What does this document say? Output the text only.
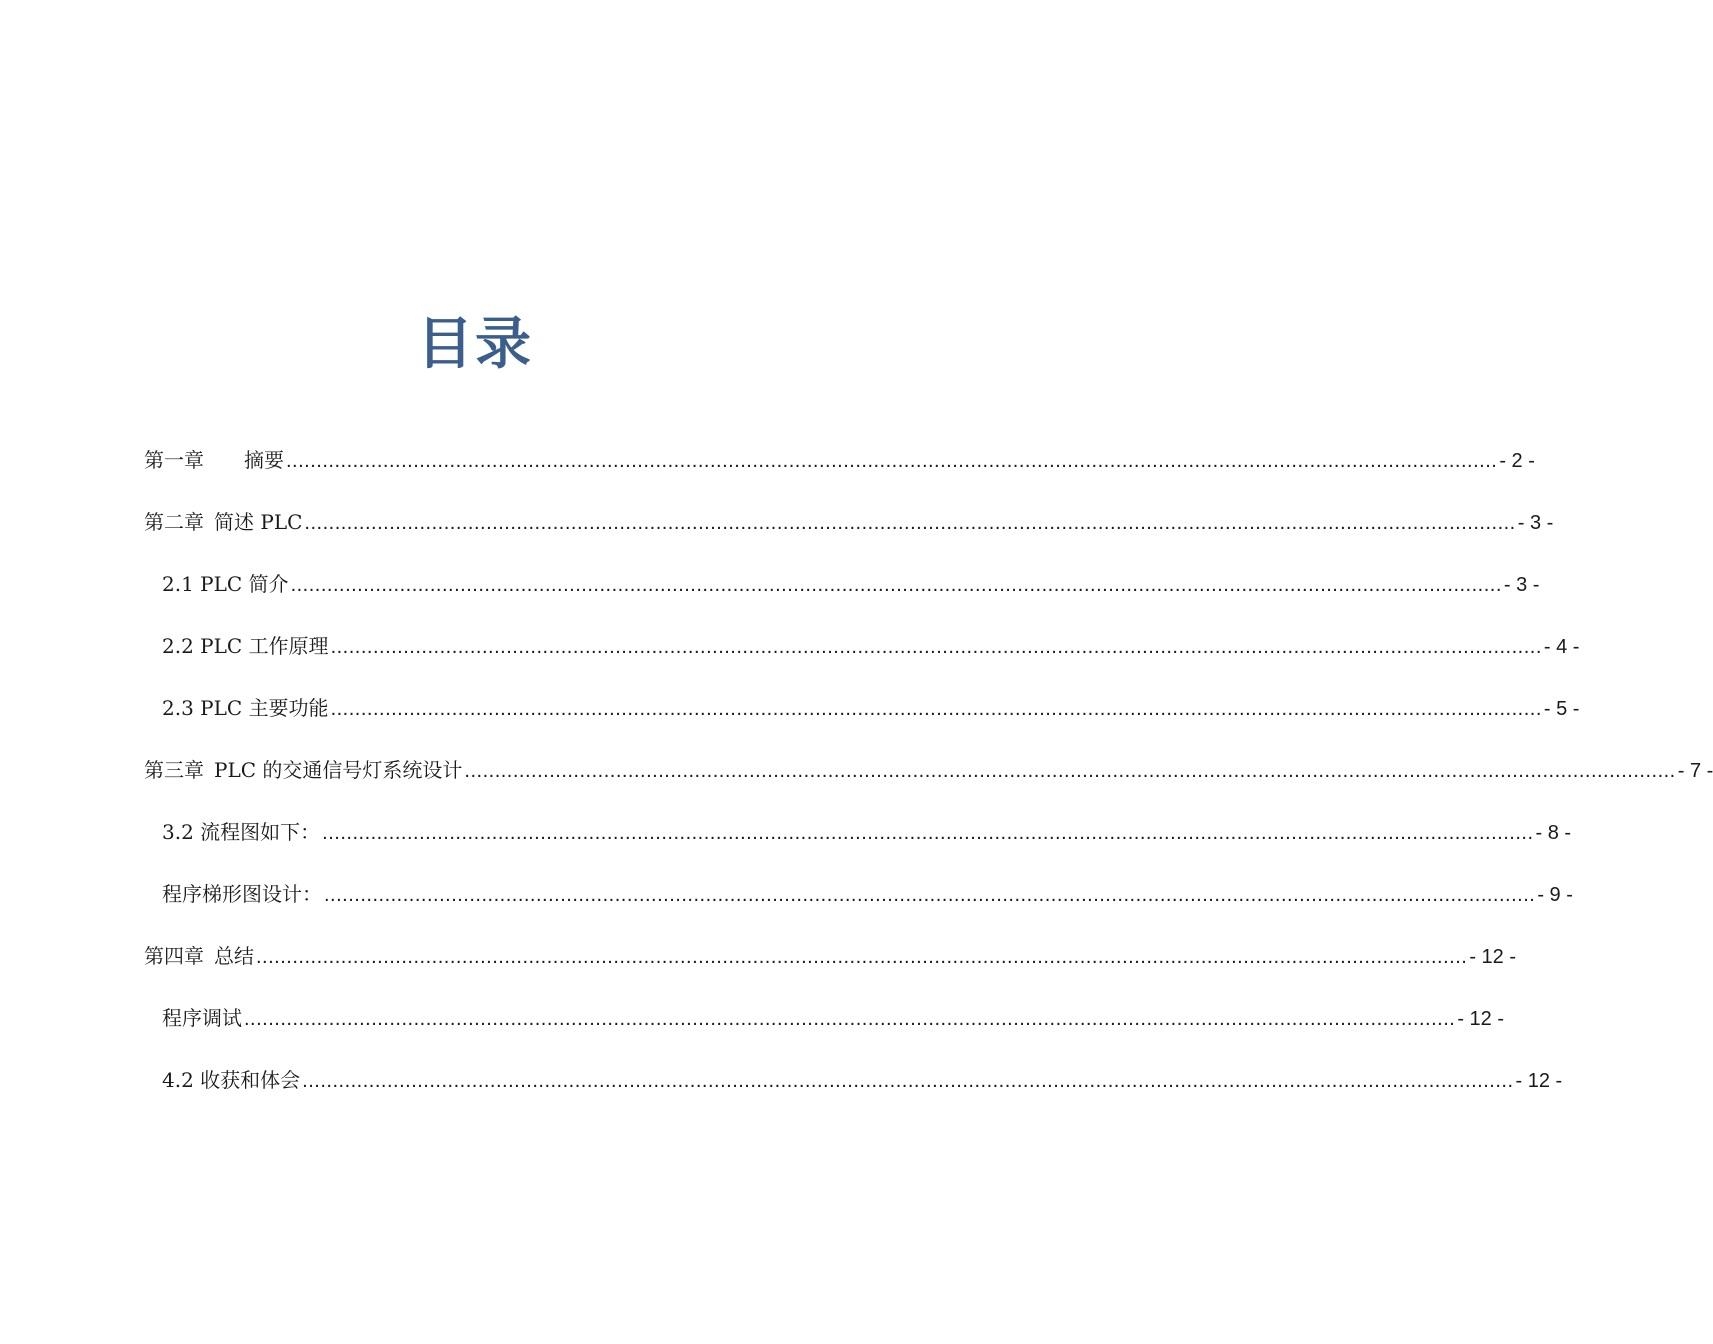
目录
第一章　　摘要 ........................................................................................................................................................................................................ - 2 -
第二章 简述 PLC ........................................................................................................................................................................................................ - 3 -
2.1 PLC 简介 ........................................................................................................................................................................................................ - 3 -
2.2 PLC 工作原理 ........................................................................................................................................................................................................ - 4 -
2.3 PLC 主要功能 ........................................................................................................................................................................................................ - 5 -
第三章 PLC 的交通信号灯系统设计 ........................................................................................................................................................................................................ - 7 -
3.2 流程图如下： ........................................................................................................................................................................................................ - 8 -
程序梯形图设计： ........................................................................................................................................................................................................ - 9 -
第四章 总结 ........................................................................................................................................................................................................ - 12 -
程序调试 ........................................................................................................................................................................................................ - 12 -
4.2 收获和体会 ........................................................................................................................................................................................................ - 12 -
